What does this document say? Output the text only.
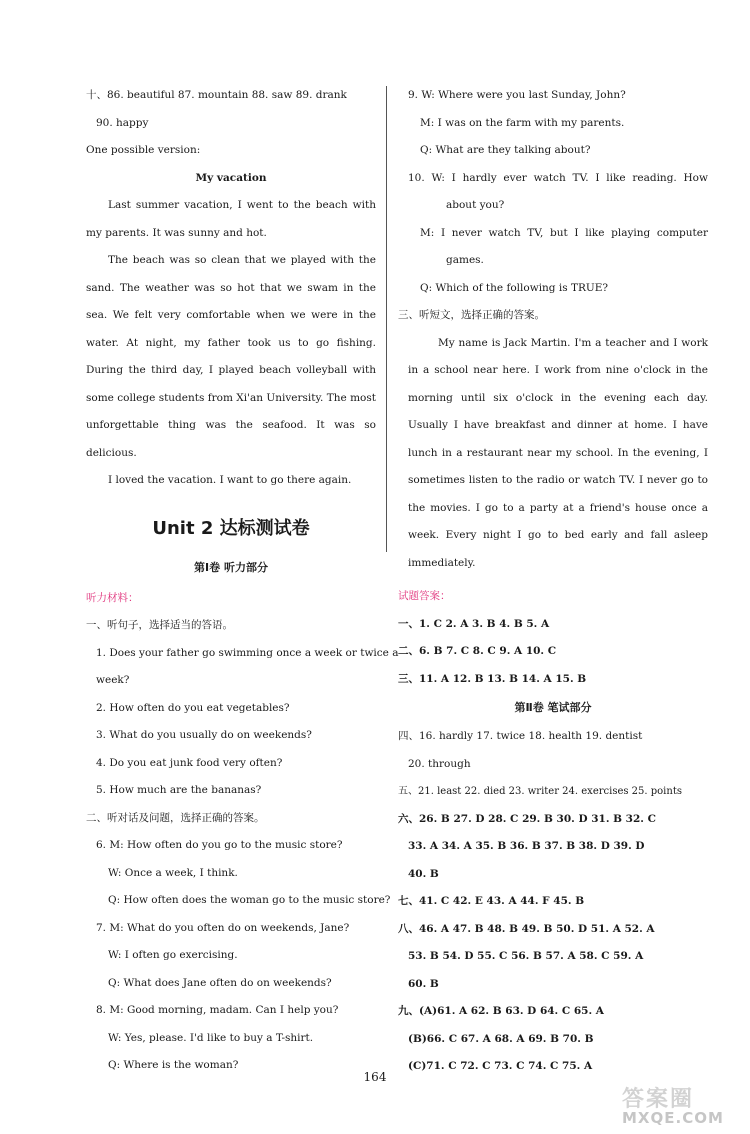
十、86. beautiful 87. mountain 88. saw 89. drank
90. happy
One possible version:
My vacation

Last summer vacation, I went to the beach with my parents. It was sunny and hot.

The beach was so clean that we played with the sand. The weather was so hot that we swam in the sea. We felt very comfortable when we were in the water. At night, my father took us to go fishing. During the third day, I played beach volleyball with some college students from Xi'an University. The most unforgettable thing was the seafood. It was so delicious.

I loved the vacation. I want to go there again.

Unit 2 达标测试卷
第Ⅰ卷 听力部分
听力材料：
一、听句子，选择适当的答语。
1. Does your father go swimming once a week or twice a
week?
2. How often do you eat vegetables?
3. What do you usually do on weekends?
4. Do you eat junk food very often?
5. How much are the bananas?
二、听对话及问题，选择正确的答案。
6. M: How often do you go to the music store?
W: Once a week, I think.
Q: How often does the woman go to the music store?
7. M: What do you often do on weekends, Jane?
W: I often go exercising.
Q: What does Jane often do on weekends?
8. M: Good morning, madam. Can I help you?
W: Yes, please. I'd like to buy a T-shirt.
Q: Where is the woman?
9. W: Where were you last Sunday, John?
M: I was on the farm with my parents.
Q: What are they talking about?
10. W: I hardly ever watch TV. I like reading. How
about you?
M: I never watch TV, but I like playing computer
games.
Q: Which of the following is TRUE?
三、听短文，选择正确的答案。

My name is Jack Martin. I'm a teacher and I work in a school near here. I work from nine o'clock in the morning until six o'clock in the evening each day. Usually I have breakfast and dinner at home. I have lunch in a restaurant near my school. In the evening, I sometimes listen to the radio or watch TV. I never go to the movies. I go to a party at a friend's house once a week. Every night I go to bed early and fall asleep immediately.

试题答案：
一、1. C 2. A 3. B 4. B 5. A
二、6. B 7. C 8. C 9. A 10. C
三、11. A 12. B 13. B 14. A 15. B
第Ⅱ卷 笔试部分
四、16. hardly 17. twice 18. health 19. dentist
20. through
五、21. least 22. died 23. writer 24. exercises 25. points
六、26. B 27. D 28. C 29. B 30. D 31. B 32. C
33. A 34. A 35. B 36. B 37. B 38. D 39. D
40. B
七、41. C 42. E 43. A 44. F 45. B
八、46. A 47. B 48. B 49. B 50. D 51. A 52. A
53. B 54. D 55. C 56. B 57. A 58. C 59. A
60. B
九、(A)61. A 62. B 63. D 64. C 65. A
(B)66. C 67. A 68. A 69. B 70. B
(C)71. C 72. C 73. C 74. C 75. A
164
答案圈
MXQE.COM
